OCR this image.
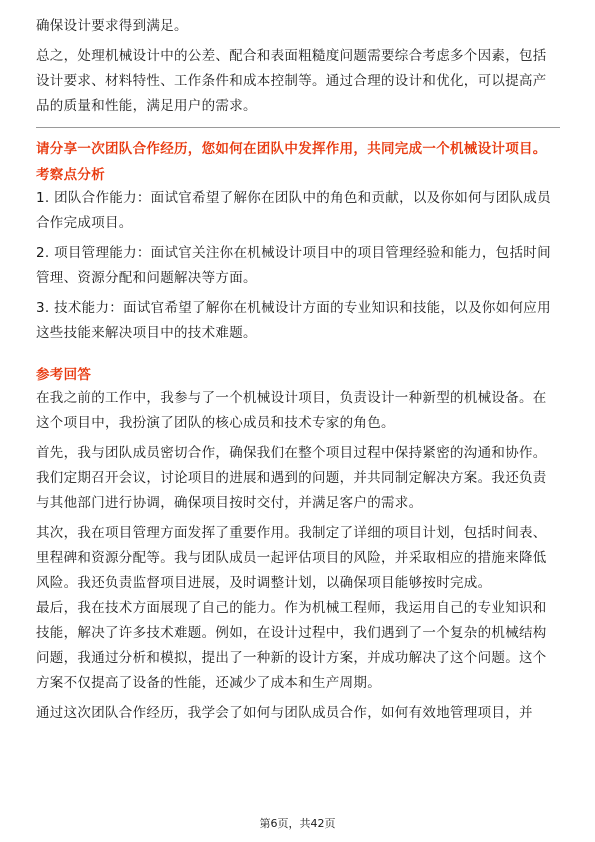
确保设计要求得到满足。

总之，处理机械设计中的公差、配合和表面粗糙度问题需要综合考虑多个因素，包括设计要求、材料特性、工作条件和成本控制等。通过合理的设计和优化，可以提高产品的质量和性能，满足用户的需求。

请分享一次团队合作经历，您如何在团队中发挥作用，共同完成一个机械设计项目。

考察点分析

1. 团队合作能力：面试官希望了解你在团队中的角色和贡献，以及你如何与团队成员合作完成项目。

2. 项目管理能力：面试官关注你在机械设计项目中的项目管理经验和能力，包括时间管理、资源分配和问题解决等方面。

3. 技术能力：面试官希望了解你在机械设计方面的专业知识和技能，以及你如何应用这些技能来解决项目中的技术难题。

参考回答

在我之前的工作中，我参与了一个机械设计项目，负责设计一种新型的机械设备。在这个项目中，我扮演了团队的核心成员和技术专家的角色。

首先，我与团队成员密切合作，确保我们在整个项目过程中保持紧密的沟通和协作。我们定期召开会议，讨论项目的进展和遇到的问题，并共同制定解决方案。我还负责与其他部门进行协调，确保项目按时交付，并满足客户的需求。

其次，我在项目管理方面发挥了重要作用。我制定了详细的项目计划，包括时间表、里程碑和资源分配等。我与团队成员一起评估项目的风险，并采取相应的措施来降低风险。我还负责监督项目进展，及时调整计划，以确保项目能够按时完成。

最后，我在技术方面展现了自己的能力。作为机械工程师，我运用自己的专业知识和技能，解决了许多技术难题。例如，在设计过程中，我们遇到了一个复杂的机械结构问题，我通过分析和模拟，提出了一种新的设计方案，并成功解决了这个问题。这个方案不仅提高了设备的性能，还减少了成本和生产周期。

通过这次团队合作经历，我学会了如何与团队成员合作，如何有效地管理项目，并

第6页，共42页
